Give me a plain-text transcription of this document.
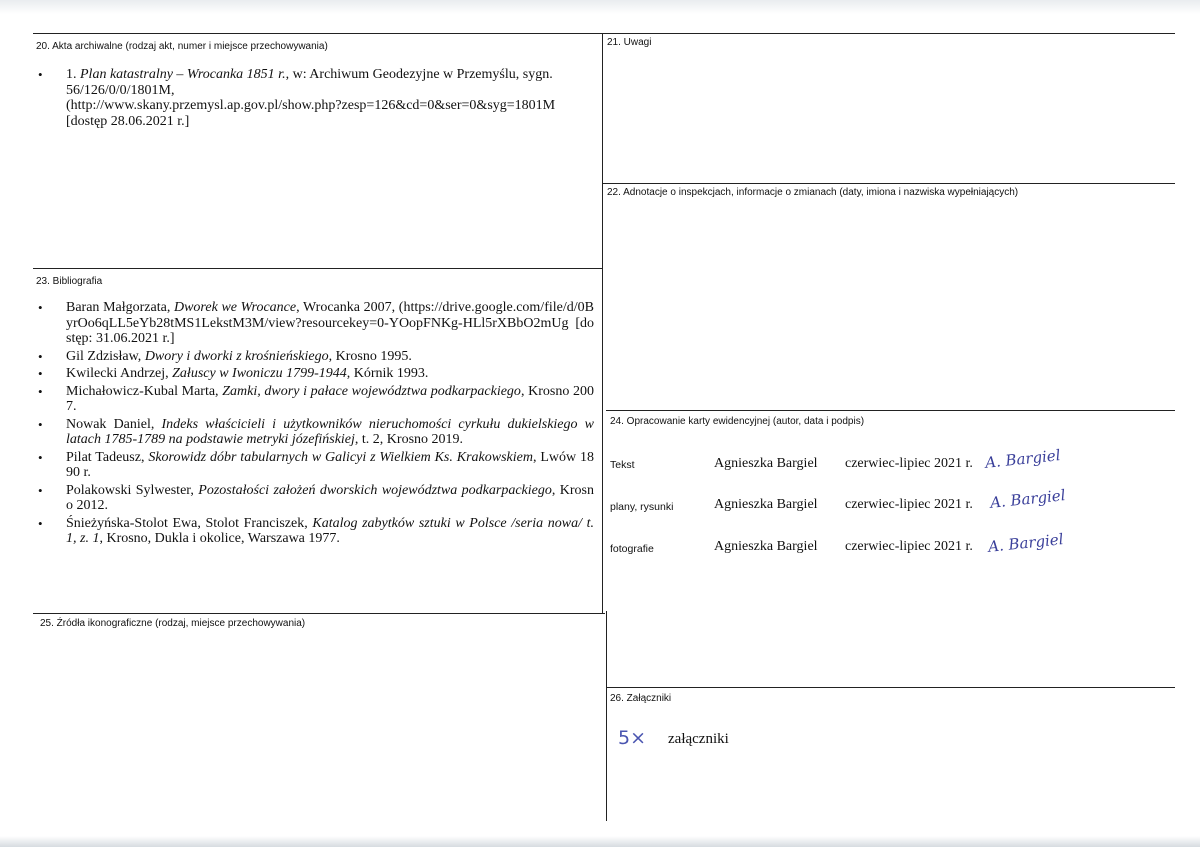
20. Akta archiwalne (rodzaj akt, numer i miejsce przechowywania)
• 1. Plan katastralny – Wrocanka 1851 r., w: Archiwum Geodezyjne w Przemyślu, sygn. 56/126/0/0/1801M,
(http://www.skany.przemysl.ap.gov.pl/show.php?zesp=126&cd=0&ser=0&syg=1801M
[dostęp 28.06.2021 r.]
21. Uwagi
22. Adnotacje o inspekcjach, informacje o zmianach (daty, imiona i nazwiska wypełniających)
23. Bibliografia
• Baran Małgorzata, Dworek we Wrocance, Wrocanka 2007, (https://drive.google.com/file/d/0ByrOo6qLL5eYb28tMS1LekstM3M/view?resourcekey=0-YOopFNKg-HLl5rXBbO2mUg [dostęp: 31.06.2021 r.]
• Gil Zdzisław, Dwory i dworki z krośnieńskiego, Krosno 1995.
• Kwilecki Andrzej, Załuscy w Iwoniczu 1799-1944, Kórnik 1993.
• Michałowicz-Kubal Marta, Zamki, dwory i pałace województwa podkarpackiego, Krosno 2007.
• Nowak Daniel, Indeks właścicieli i użytkowników nieruchomości cyrkułu dukielskiego w latach 1785-1789 na podstawie metryki józefińskiej, t. 2, Krosno 2019.
• Pilat Tadeusz, Skorowidz dóbr tabularnych w Galicyi z Wielkiem Ks. Krakowskiem, Lwów 1890 r.
• Polakowski Sylwester, Pozostałości założeń dworskich województwa podkarpackiego, Krosno 2012.
• Śnieżyńska-Stolot Ewa, Stolot Franciszek, Katalog zabytków sztuki w Polsce /seria nowa/ t. 1, z. 1, Krosno, Dukla i okolice, Warszawa 1977.
24. Opracowanie karty ewidencyjnej (autor, data i podpis)
Tekst	Agnieszka Bargiel czerwiec-lipiec 2021 r. A. Bargiel
plany, rysunki	Agnieszka Bargiel czerwiec-lipiec 2021 r. A. Bargiel
fotografie	Agnieszka Bargiel czerwiec-lipiec 2021 r. A. Bargiel
25. Źródła ikonograficzne (rodzaj, miejsce przechowywania)
26. Załączniki
5× załączniki
